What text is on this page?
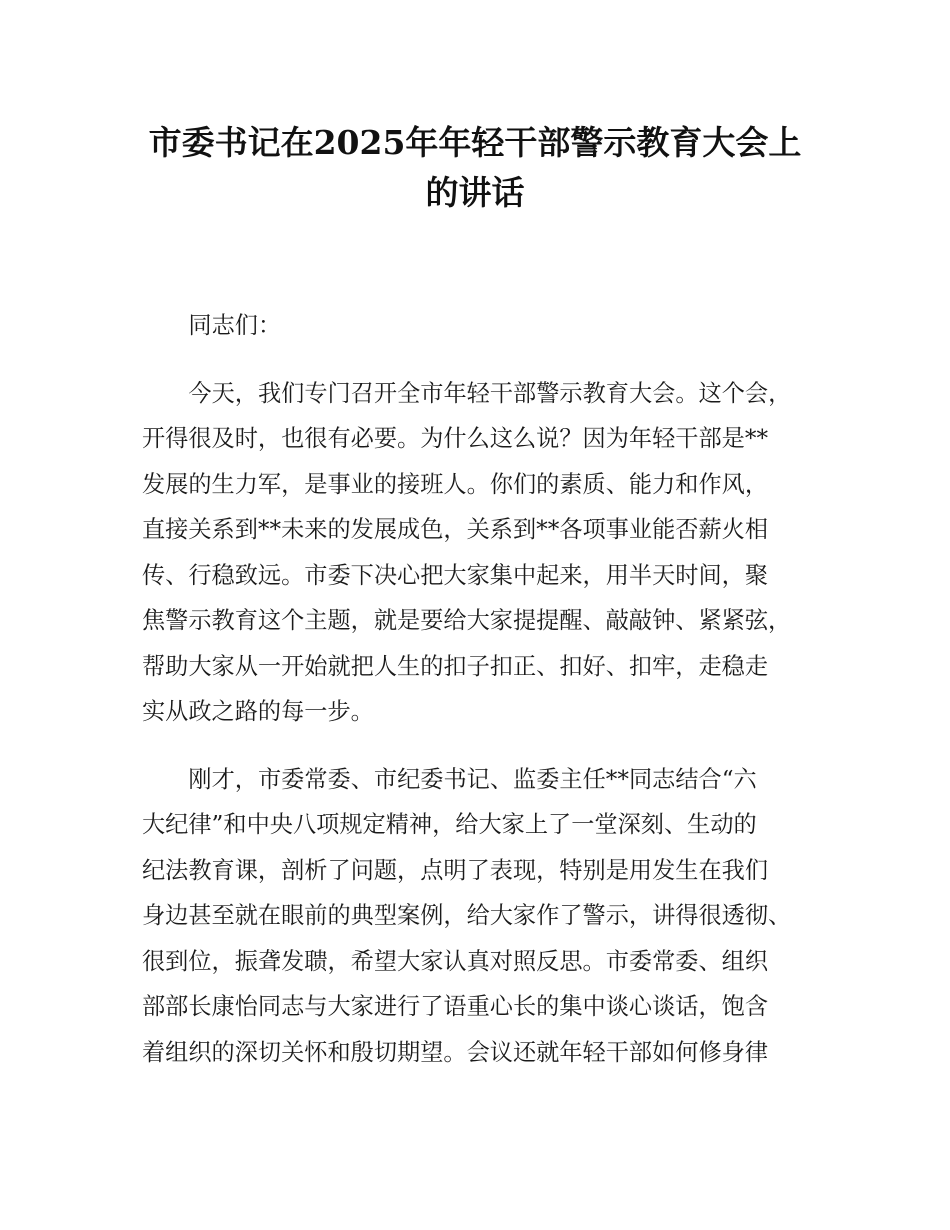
市委书记在2025年年轻干部警示教育大会上
的讲话

同志们：

今天，我们专门召开全市年轻干部警示教育大会。这个会，
开得很及时，也很有必要。为什么这么说？因为年轻干部是**
发展的生力军，是事业的接班人。你们的素质、能力和作风，
直接关系到**未来的发展成色，关系到**各项事业能否薪火相
传、行稳致远。市委下决心把大家集中起来，用半天时间，聚
焦警示教育这个主题，就是要给大家提提醒、敲敲钟、紧紧弦，
帮助大家从一开始就把人生的扣子扣正、扣好、扣牢，走稳走
实从政之路的每一步。

刚才，市委常委、市纪委书记、监委主任**同志结合“六
大纪律”和中央八项规定精神，给大家上了一堂深刻、生动的
纪法教育课，剖析了问题，点明了表现，特别是用发生在我们
身边甚至就在眼前的典型案例，给大家作了警示，讲得很透彻、
很到位，振聋发聩，希望大家认真对照反思。市委常委、组织
部部长康怡同志与大家进行了语重心长的集中谈心谈话，饱含
着组织的深切关怀和殷切期望。会议还就年轻干部如何修身律
